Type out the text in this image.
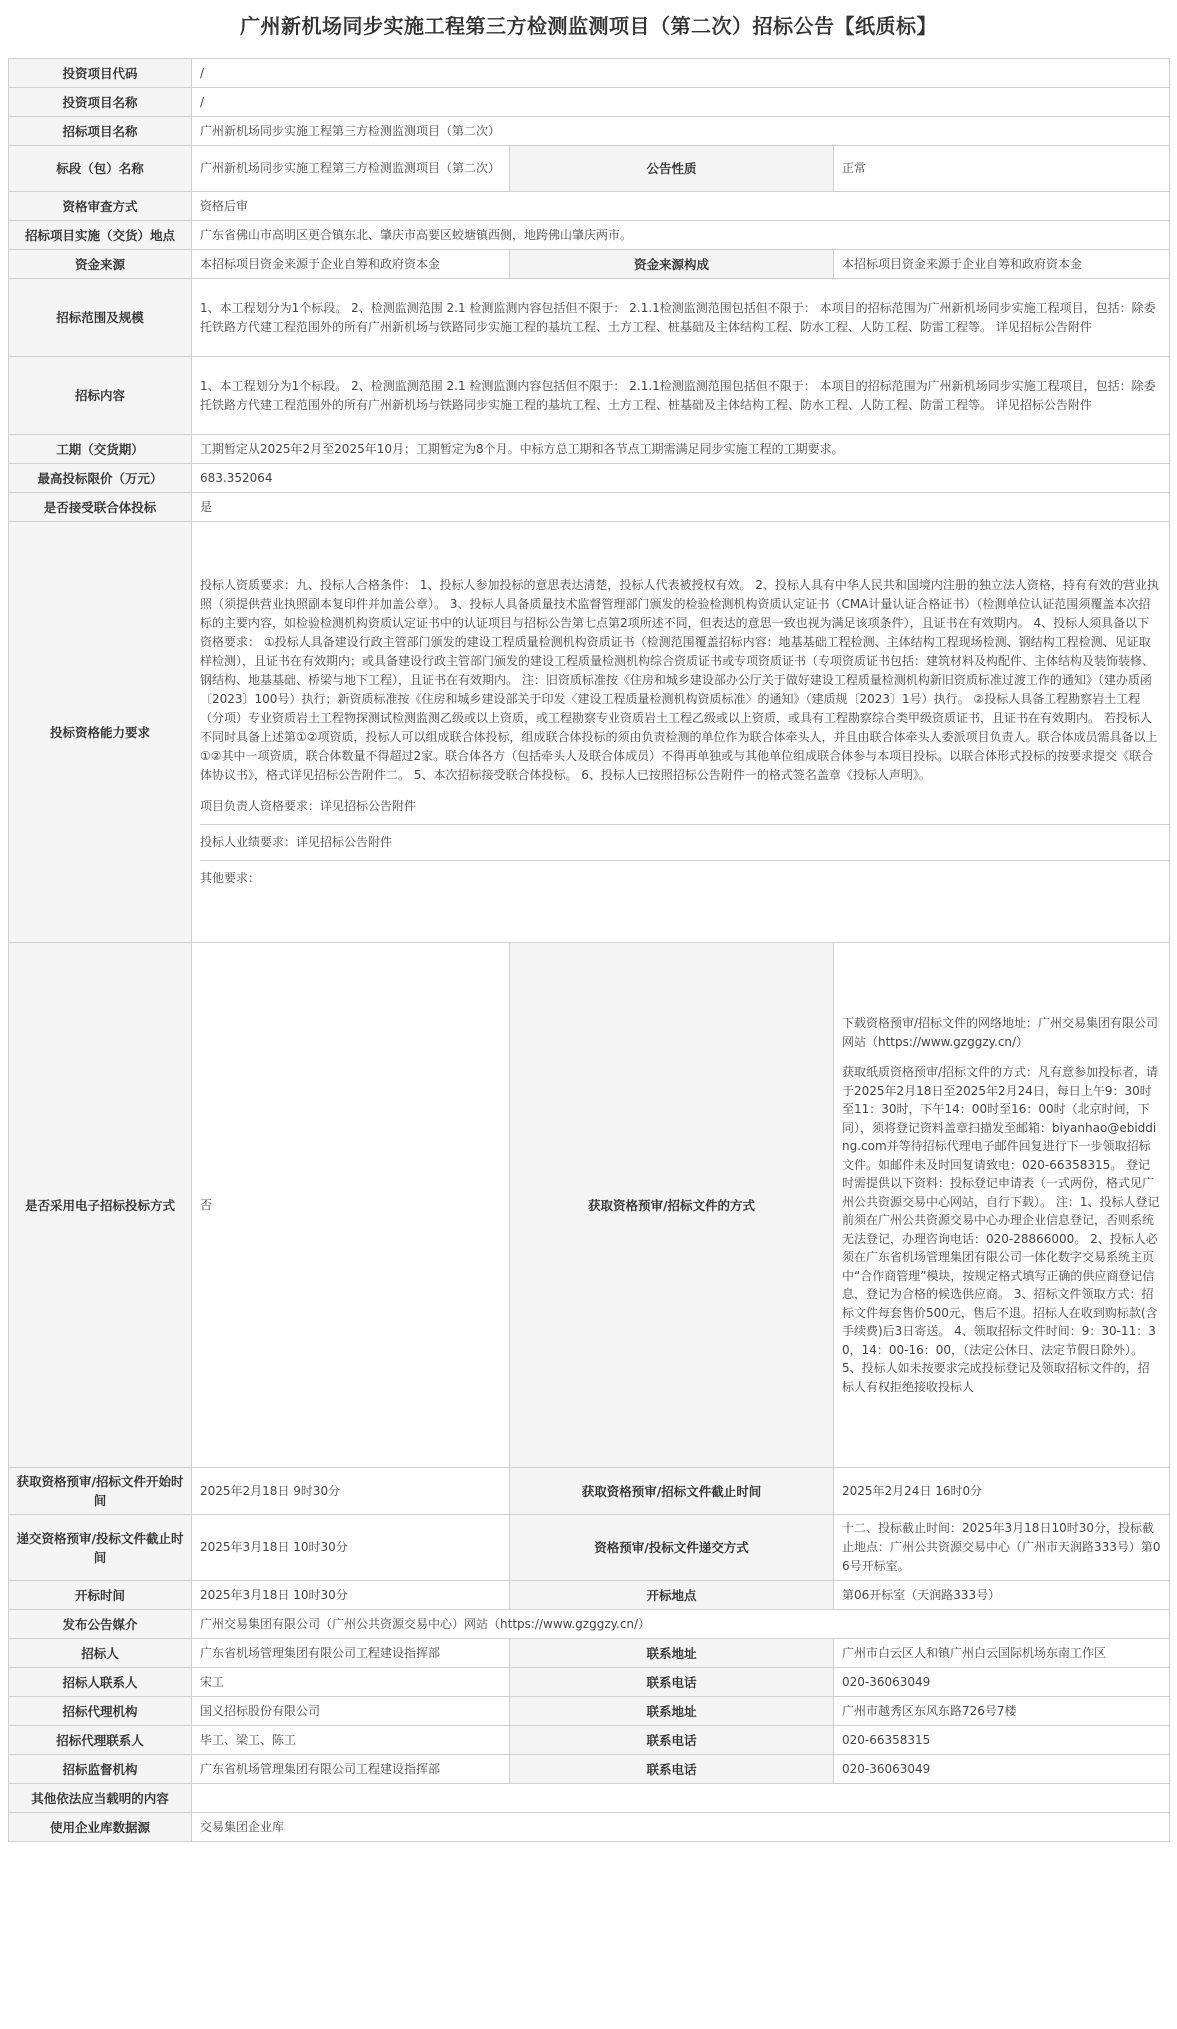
广州新机场同步实施工程第三方检测监测项目（第二次）招标公告【纸质标】
投资项目代码	/		
投资项目名称	/		
招标项目名称	广州新机场同步实施工程第三方检测监测项目（第二次）		
标段（包）名称	广州新机场同步实施工程第三方检测监测项目（第二次）	公告性质	正常
资格审查方式	资格后审		
招标项目实施（交货）地点	广东省佛山市高明区更合镇东北、肇庆市高要区蛟塘镇西侧，地跨佛山肇庆两市。		
资金来源	本招标项目资金来源于企业自筹和政府资本金	资金来源构成	本招标项目资金来源于企业自筹和政府资本金
招标范围及规模	1、本工程划分为1个标段。 2、检测监测范围 2.1 检测监测内容包括但不限于： 2.1.1检测监测范围包括但不限于： 本项目的招标范围为广州新机场同步实施工程项目，包括：除委托铁路方代建工程范围外的所有广州新机场与铁路同步实施工程的基坑工程、土方工程、桩基础及主体结构工程、防水工程、人防工程、防雷工程等。 详见招标公告附件		
招标内容	1、本工程划分为1个标段。 2、检测监测范围 2.1 检测监测内容包括但不限于： 2.1.1检测监测范围包括但不限于： 本项目的招标范围为广州新机场同步实施工程项目，包括：除委托铁路方代建工程范围外的所有广州新机场与铁路同步实施工程的基坑工程、土方工程、桩基础及主体结构工程、防水工程、人防工程、防雷工程等。 详见招标公告附件		
工期（交货期）	工期暂定从2025年2月至2025年10月；工期暂定为8个月。中标方总工期和各节点工期需满足同步实施工程的工期要求。		
最高投标限价（万元）	683.352064		
是否接受联合体投标	是		
投标资格能力要求	投标人资质要求：九、投标人合格条件： 1、投标人参加投标的意思表达清楚，投标人代表被授权有效。 2、投标人具有中华人民共和国境内注册的独立法人资格，持有有效的营业执照（须提供营业执照副本复印件并加盖公章）。 3、投标人具备质量技术监督管理部门颁发的检验检测机构资质认定证书（CMA计量认证合格证书）（检测单位认证范围须覆盖本次招标的主要内容，如检验检测机构资质认定证书中的认证项目与招标公告第七点第2项所述不同，但表达的意思一致也视为满足该项条件），且证书在有效期内。 4、投标人须具备以下资格要求： ①投标人具备建设行政主管部门颁发的建设工程质量检测机构资质证书（检测范围覆盖招标内容：地基基础工程检测、主体结构工程现场检测、钢结构工程检测、见证取样检测），且证书在有效期内；或具备建设行政主管部门颁发的建设工程质量检测机构综合资质证书或专项资质证书（专项资质证书包括：建筑材料及构配件、主体结构及装饰装修、钢结构、地基基础、桥梁与地下工程），且证书在有效期内。 注：旧资质标准按《住房和城乡建设部办公厅关于做好建设工程质量检测机构新旧资质标准过渡工作的通知》（建办质函〔2023〕100号）执行；新资质标准按《住房和城乡建设部关于印发〈建设工程质量检测机构资质标准〉的通知》（建质规〔2023〕1号）执行。 ②投标人具备工程勘察岩土工程（分项）专业资质岩土工程物探测试检测监测乙级或以上资质，或工程勘察专业资质岩土工程乙级或以上资质，或具有工程勘察综合类甲级资质证书，且证书在有效期内。 若投标人不同时具备上述第①②项资质，投标人可以组成联合体投标，组成联合体投标的须由负责检测的单位作为联合体牵头人，并且由联合体牵头人委派项目负责人。联合体成员需具备以上①②其中一项资质，联合体数量不得超过2家。联合体各方（包括牵头人及联合体成员）不得再单独或与其他单位组成联合体参与本项目投标。以联合体形式投标的按要求提交《联合体协议书》，格式详见招标公告附件二。 5、本次招标接受联合体投标。 6、投标人已按照招标公告附件一的格式签名盖章《投标人声明》。
项目负责人资格要求：详见招标公告附件
投标人业绩要求：详见招标公告附件
其他要求：		

是否采用电子招标投标方式	否	获取资格预审/招标文件的方式	下载资格预审/招标文件的网络地址：广州交易集团有限公司网站（https://www.gzggzy.cn/）
获取纸质资格预审/招标文件的方式：凡有意参加投标者，请于2025年2月18日至2025年2月24日，每日上午9：30时至11：30时，下午14：00时至16：00时（北京时间，下同），须将登记资料盖章扫描发至邮箱：biyanhao@ebidding.com并等待招标代理电子邮件回复进行下一步领取招标文件。如邮件未及时回复请致电：020-66358315。 登记时需提供以下资料：投标登记申请表（一式两份，格式见广州公共资源交易中心网站，自行下载）。 注：1、投标人登记前须在广州公共资源交易中心办理企业信息登记，否则系统无法登记，办理咨询电话：020-28866000。 2、投标人必须在广东省机场管理集团有限公司一体化数字交易系统主页中“合作商管理”模块，按规定格式填写正确的供应商登记信息，登记为合格的候选供应商。 3、招标文件领取方式：招标文件每套售价500元，售后不退。招标人在收到购标款(含手续费)后3日寄送。 4、领取招标文件时间：9：30-11：30，14：00-16：00，（法定公休日、法定节假日除外）。 5、投标人如未按要求完成投标登记及领取招标文件的，招标人有权拒绝接收投标人

获取资格预审/招标文件开始时间	2025年2月18日 9时30分	获取资格预审/招标文件截止时间	2025年2月24日 16时0分
递交资格预审/投标文件截止时间	2025年3月18日 10时30分	资格预审/投标文件递交方式	十二、投标截止时间：2025年3月18日10时30分，投标截止地点：广州公共资源交易中心（广州市天润路333号）第06号开标室。
开标时间	2025年3月18日 10时30分	开标地点	第06开标室（天润路333号）
发布公告媒介	广州交易集团有限公司（广州公共资源交易中心）网站（https://www.gzggzy.cn/）		
招标人	广东省机场管理集团有限公司工程建设指挥部	联系地址	广州市白云区人和镇广州白云国际机场东南工作区
招标人联系人	宋工	联系电话	020-36063049
招标代理机构	国义招标股份有限公司	联系地址	广州市越秀区东风东路726号7楼
招标代理联系人	毕工、梁工、陈工	联系电话	020-66358315
招标监督机构	广东省机场管理集团有限公司工程建设指挥部	联系电话	020-36063049
其他依法应当载明的内容			
使用企业库数据源	交易集团企业库		
